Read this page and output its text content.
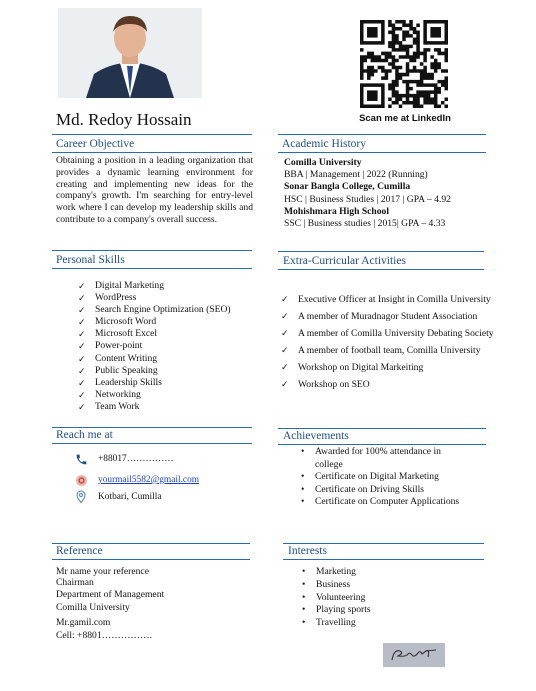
Scan me at LinkedIn
Md. Redoy Hossain
Career Objective
Obtaining a position in a leading organization that provides a dynamic learning environment for creating and implementing new ideas for the company's growth. I'm searching for entry-level work where I can develop my leadership skills and contribute to a company's overall success.
Academic History
Comilla University
BBA | Management | 2022 (Running)
Sonar Bangla College, Cumilla
HSC | Business Studies | 2017 | GPA – 4.92
Mohishmara High School
SSC | Business studies | 2015| GPA – 4.33
Personal Skills
✓ Digital Marketing
✓ WordPress
✓ Search Engine Optimization (SEO)
✓ Microsoft Word
✓ Microsoft Excel
✓ Power-point
✓ Content Writing
✓ Public Speaking
✓ Leadership Skills
✓ Networking
✓ Team Work
Extra-Curricular Activities
✓ Executive Officer at Insight in Comilla University
✓ A member of Muradnagor Student Association
✓ A member of Comilla University Debating Society
✓ A member of football team, Comilla University
✓ Workshop on Digital Markeiting
✓ Workshop on SEO
Reach me at
+88017……………
yourmail5582@gmail.com
Kotbari, Cumilla
Achievements
• Awarded for 100% attendance in college
• Certificate on Digital Marketing
• Certificate on Driving Skills
• Certificate on Computer Applications
Reference
Mr name your reference
Chairman
Department of Management
Comilla University
Mr.gamil.com
Cell: +8801…………….
Interests
• Marketing
• Business
• Volunteering
• Playing sports
• Travelling
